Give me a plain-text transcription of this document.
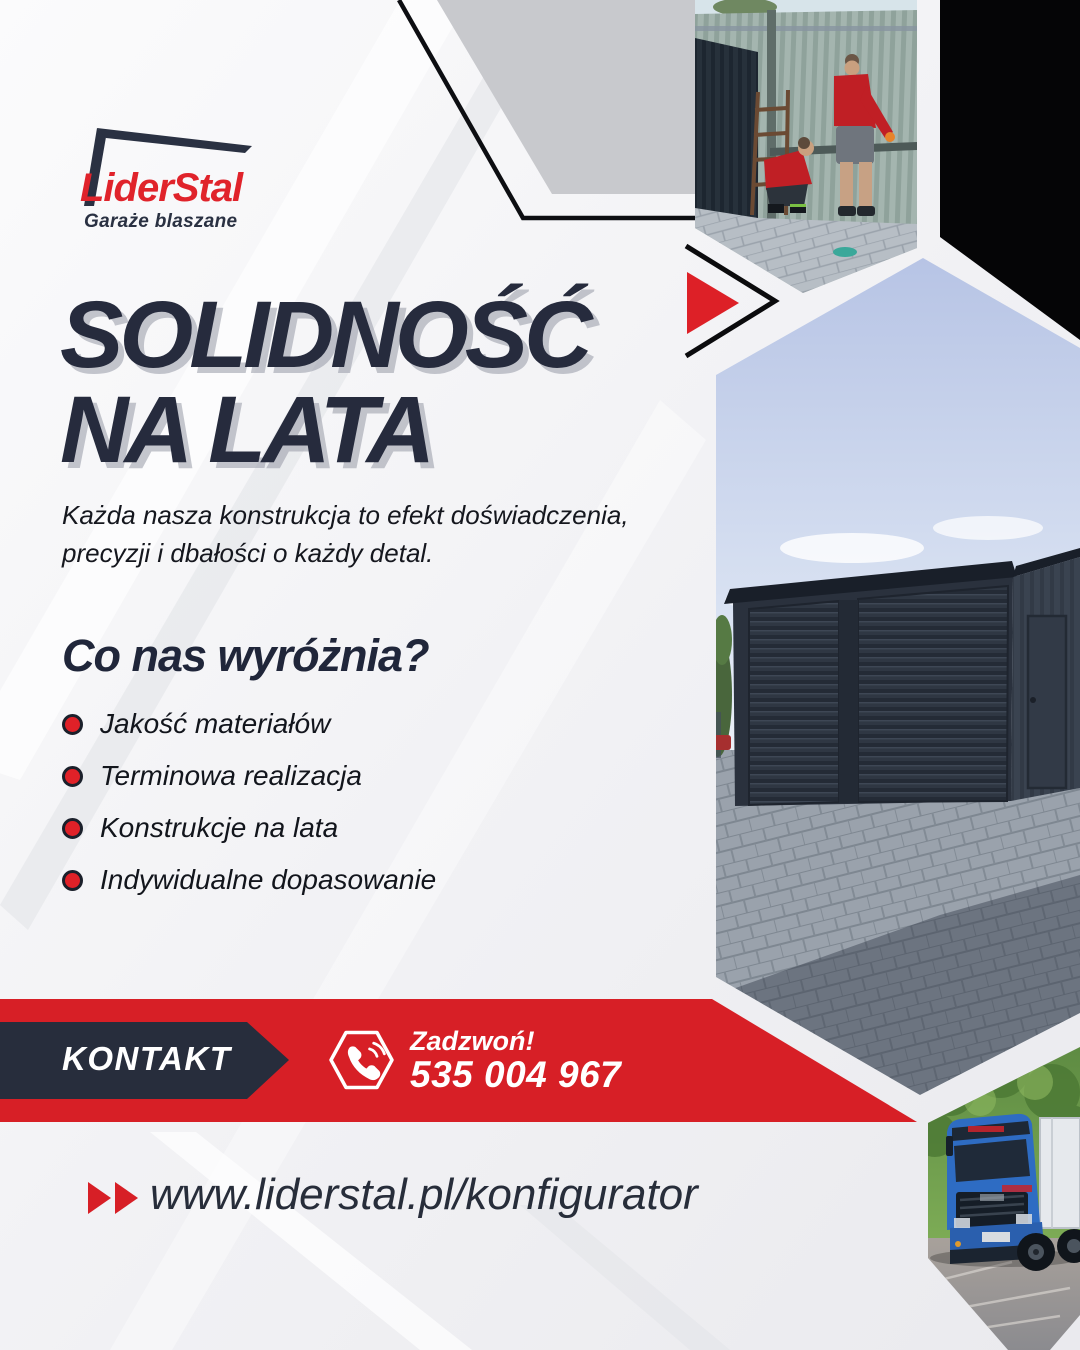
LiderStal
Garaże blaszane
SOLIDNOŚĆ
NA LATA
Każda nasza konstrukcja to efekt doświadczenia,
precyzji i dbałości o każdy detal.
Co nas wyróżnia?
Jakość materiałów
Terminowa realizacja
Konstrukcje na lata
Indywidualne dopasowanie
KONTAKT	Zadzwoń!
535 004 967
www.liderstal.pl/konfigurator
